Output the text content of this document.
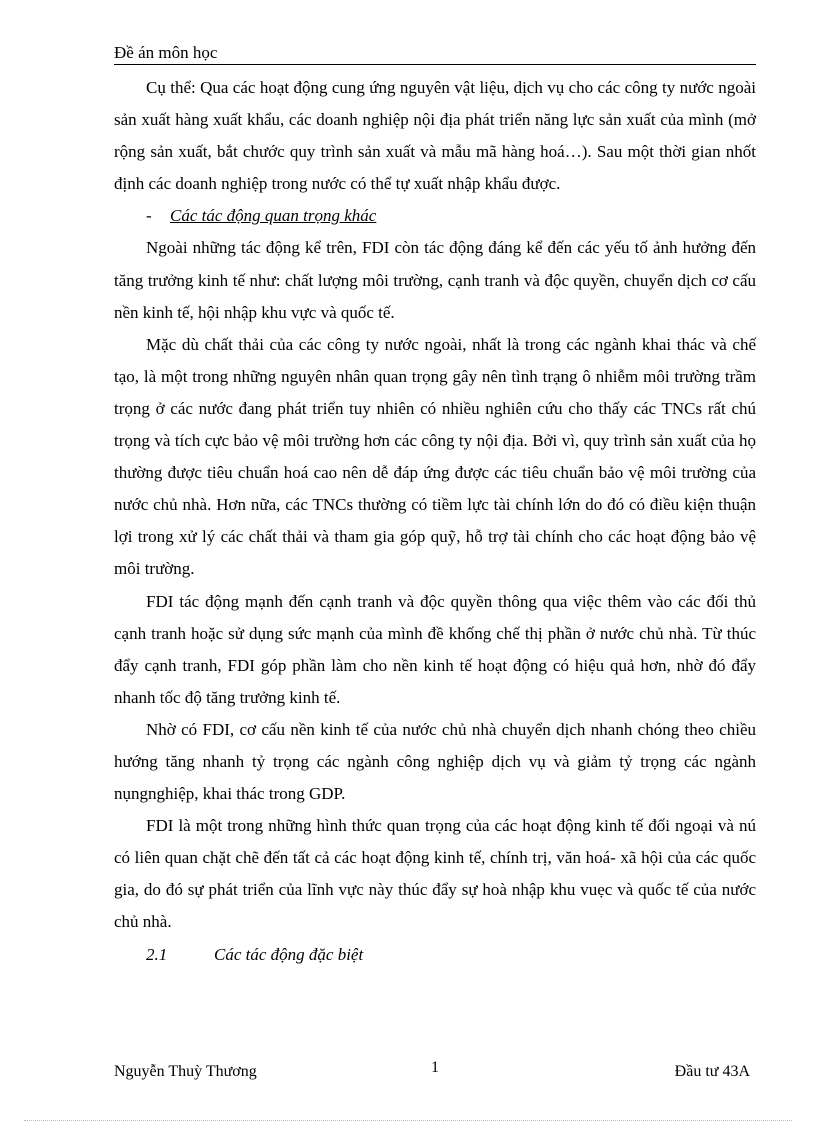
Đề án môn học

Cụ thể: Qua các hoạt động cung ứng nguyên vật liệu, dịch vụ cho các công ty nước ngoài sản xuất hàng xuất khẩu, các doanh nghiệp nội địa phát triển năng lực sản xuất của mình (mở rộng sản xuất, bắt chước quy trình sản xuất và mẫu mã hàng hoá…). Sau một thời gian nhốt định các doanh nghiệp trong nước có thể tự xuất nhập khẩu được.

- Các tác động quan trọng khác

Ngoài những tác động kể trên, FDI còn tác động đáng kể đến các yếu tố ảnh hưởng đến tăng trưởng kinh tế như: chất lượng môi trường, cạnh tranh và độc quyền, chuyển dịch cơ cấu nền kinh tế, hội nhập khu vực và quốc tế.

Mặc dù chất thải của các công ty nước ngoài, nhất là trong các ngành khai thác và chế tạo, là một trong những nguyên nhân quan trọng gây nên tình trạng ô nhiễm môi trường trầm trọng ở các nước đang phát triển tuy nhiên có nhiều nghiên cứu cho thấy các TNCs rất chú trọng và tích cực bảo vệ môi trường hơn các công ty nội địa. Bởi vì, quy trình sản xuất của họ thường được tiêu chuẩn hoá cao nên dễ đáp ứng được các tiêu chuẩn bảo vệ môi trường của nước chủ nhà. Hơn nữa, các TNCs thường có tiềm lực tài chính lớn do đó có điều kiện thuận lợi trong xử lý các chất thải và tham gia góp quỹ, hỗ trợ tài chính cho các hoạt động bảo vệ môi trường.

FDI tác động mạnh đến cạnh tranh và độc quyền thông qua việc thêm vào các đối thủ cạnh tranh hoặc sử dụng sức mạnh của mình đề khống chế thị phần ở nước chủ nhà. Từ thúc đẩy cạnh tranh, FDI góp phần làm cho nền kinh tế hoạt động có hiệu quả hơn, nhờ đó đẩy nhanh tốc độ tăng trưởng kinh tế.

Nhờ có FDI, cơ cấu nền kinh tế của nước chủ nhà chuyển dịch nhanh chóng theo chiều hướng tăng nhanh tỷ trọng các ngành công nghiệp dịch vụ và giảm tỷ trọng các ngành nụngnghiệp, khai thác trong GDP.

FDI là một trong những hình thức quan trọng của các hoạt động kinh tế đối ngoại và nú có liên quan chặt chẽ đến tất cả các hoạt động kinh tế, chính trị, văn hoá- xã hội của các quốc gia, do đó sự phát triển của lĩnh vực này thúc đẩy sự hoà nhập khu vuẹc và quốc tế của nước chủ nhà.

2.1	Các tác động đặc biệt

Nguyễn Thuỳ Thương	1	Đầu tư 43A
